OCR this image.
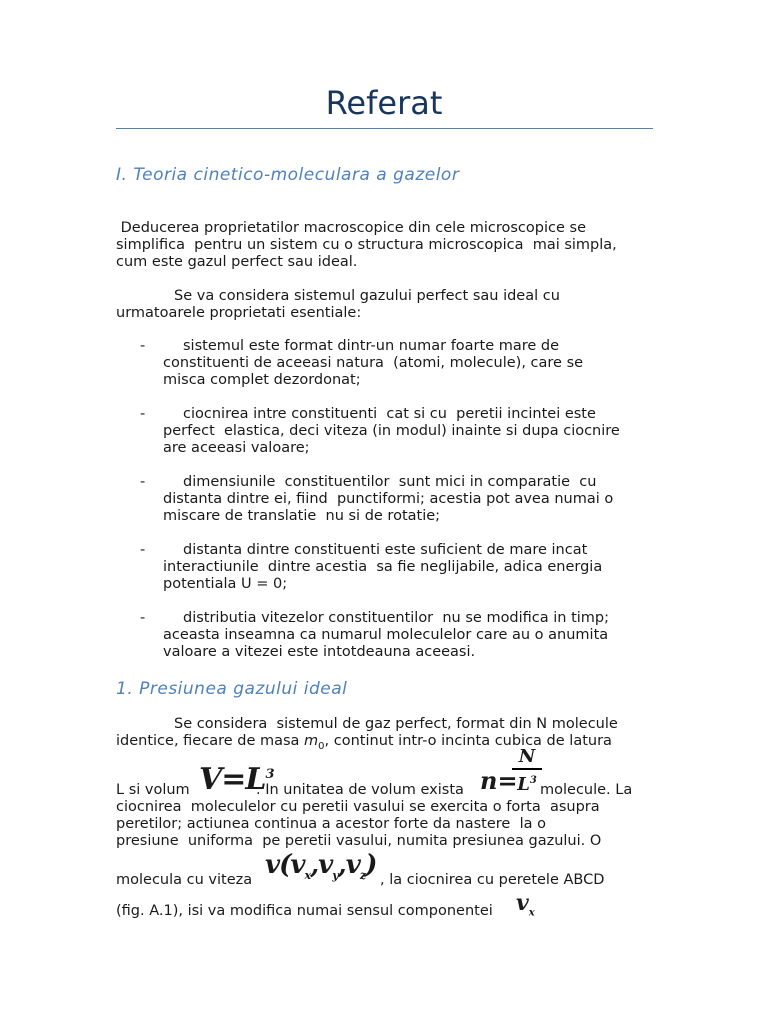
Referat
I. Teoria cinetico-moleculara a gazelor

Deducerea proprietatilor macroscopice din cele microscopice se
simplifica  pentru un sistem cu o structura microscopica  mai simpla,
cum este gazul perfect sau ideal.

Se va considera sistemul gazului perfect sau ideal cu
urmatoarele proprietati esentiale:

-	sistemul este format dintr-un numar foarte mare de
constituenti de aceeasi natura  (atomi, molecule), care se
misca complet dezordonat;

-	ciocnirea intre constituenti  cat si cu  peretii incintei este
perfect  elastica, deci viteza (in modul) inainte si dupa ciocnire
are aceeasi valoare;

-	dimensiunile  constituentilor  sunt mici in comparatie  cu
distanta dintre ei, fiind  punctiformi; acestia pot avea numai o
miscare de translatie  nu si de rotatie;

-	distanta dintre constituenti este suficient de mare incat
interactiunile  dintre acestia  sa fie neglijabile, adica energia
potentiala U = 0;

-	distributia vitezelor constituentilor  nu se modifica in timp;
aceasta inseamna ca numarul moleculelor care au o anumita
valoare a vitezei este intotdeauna aceeasi.

1. Presiunea gazului ideal

Se considera  sistemul de gaz perfect, format din N molecule
identice, fiecare de masa $m_0$, continut intr-o incinta cubica de latura

L si volum $V=L^3$
. In unitatea de volum exista n=
$\frac{N}{L^3}$
molecule. La

ciocnirea  moleculelor cu peretii vasului se exercita o forta  asupra
peretilor; actiunea continua a acestor forte da nastere  la o
presiune  uniforma  pe peretii vasului, numita presiunea gazului. O

molecula cu viteza $v(v_x,v_y,v_z)$ , la ciocnirea cu peretele ABCD
(fig. A.1), isi va modifica numai sensul componentei $v_x$
